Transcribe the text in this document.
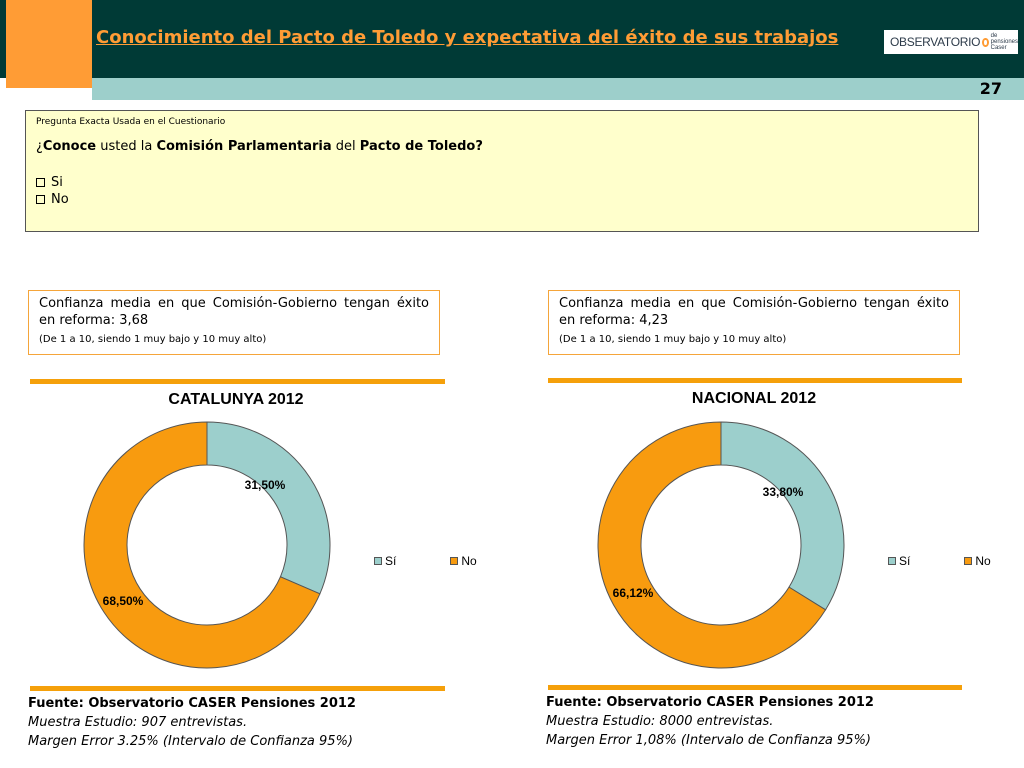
Conocimiento del Pacto de Toledo y expectativa del éxito de sus trabajos	OBSERVATORIO de pensiones
Caser
27
Pregunta Exacta Usada en el Cuestionario
¿Conoce usted la Comisión Parlamentaria del Pacto de Toledo?
Si
No
Confianza media en que Comisión-Gobierno tengan éxito en reforma: 3,68
(De 1 a 10, siendo 1 muy bajo y 10 muy alto)
Confianza media en que Comisión-Gobierno tengan éxito en reforma: 4,23
(De 1 a 10, siendo 1 muy bajo y 10 muy alto)
CATALUNYA 2012	NACIONAL 2012
31,50%
68,50%
33,80%
66,12%
Sí	No	Sí	No
Fuente: Observatorio CASER Pensiones 2012
Muestra Estudio: 907 entrevistas.
Margen Error 3.25% (Intervalo de Confianza 95%)
Fuente: Observatorio CASER Pensiones 2012
Muestra Estudio: 8000 entrevistas.
Margen Error 1,08% (Intervalo de Confianza 95%)
